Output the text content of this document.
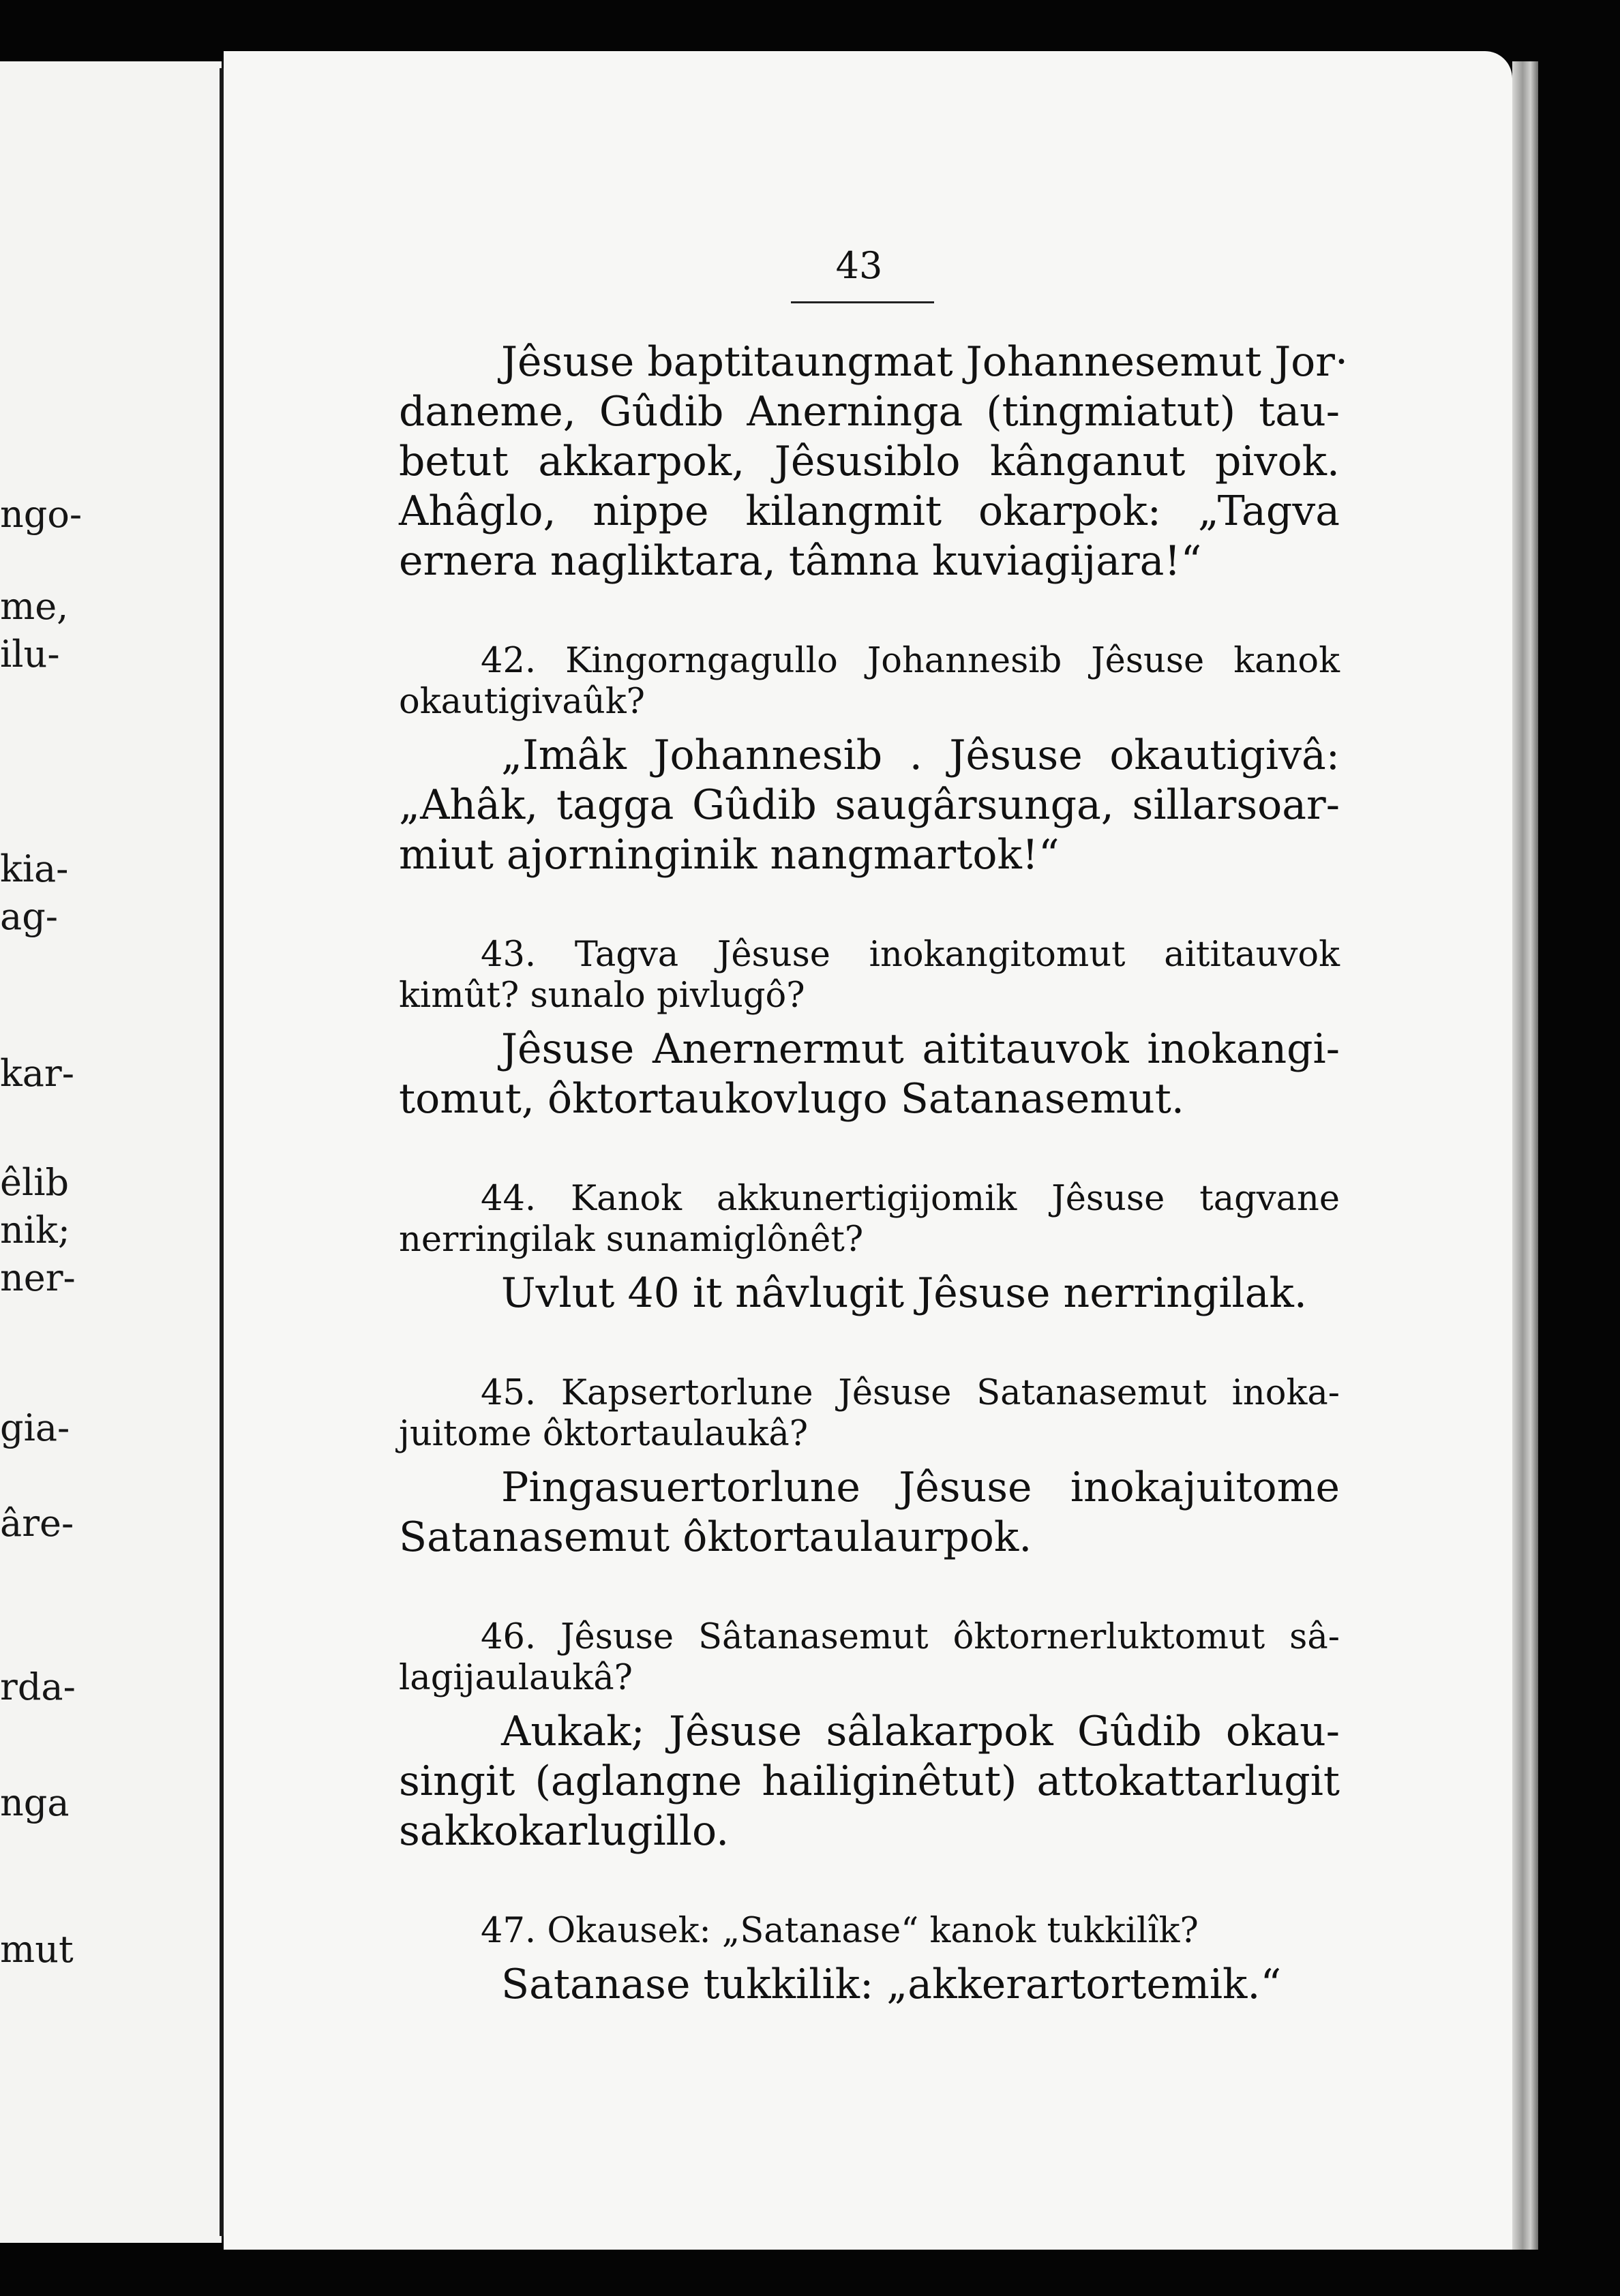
ngo-
me,
ilu-
kia-
ag-
kar-
êlib
nik;
ner-
gia-
âre-
rda-
nga
mut
43
Jêsuse baptitaungmat Johannesemut Jor·
daneme, Gûdib Anerninga (tingmiatut) tau-
betut akkarpok, Jêsusiblo kânganut pivok.
Ahâglo, nippe kilangmit okarpok: „Tagva
ernera nagliktara, tâmna kuviagijara!“
42. Kingorngagullo Johannesib Jêsuse kanok
okautigivaûk?
„Imâk Johannesib . Jêsuse okautigivâ:
„Ahâk, tagga Gûdib saugârsunga, sillarsoar-
miut ajorninginik nangmartok!“
43. Tagva Jêsuse inokangitomut aititauvok
kimût? sunalo pivlugô?
Jêsuse Anernermut aititauvok inokangi-
tomut, ôktortaukovlugo Satanasemut.
44. Kanok akkunertigijomik Jêsuse tagvane
nerringilak sunamiglônêt?
Uvlut 40 it nâvlugit Jêsuse nerringilak.
45. Kapsertorlune Jêsuse Satanasemut inoka-
juitome ôktortaulaukâ?
Pingasuertorlune Jêsuse inokajuitome
Satanasemut ôktortaulaurpok.
46. Jêsuse Sâtanasemut ôktornerluktomut sâ-
lagijaulaukâ?
Aukak; Jêsuse sâlakarpok Gûdib okau-
singit (aglangne hailiginêtut) attokattarlugit
sakkokarlugillo.
47. Okausek: „Satanase“ kanok tukkilîk?
Satanase tukkilik: „akkerartortemik.“
